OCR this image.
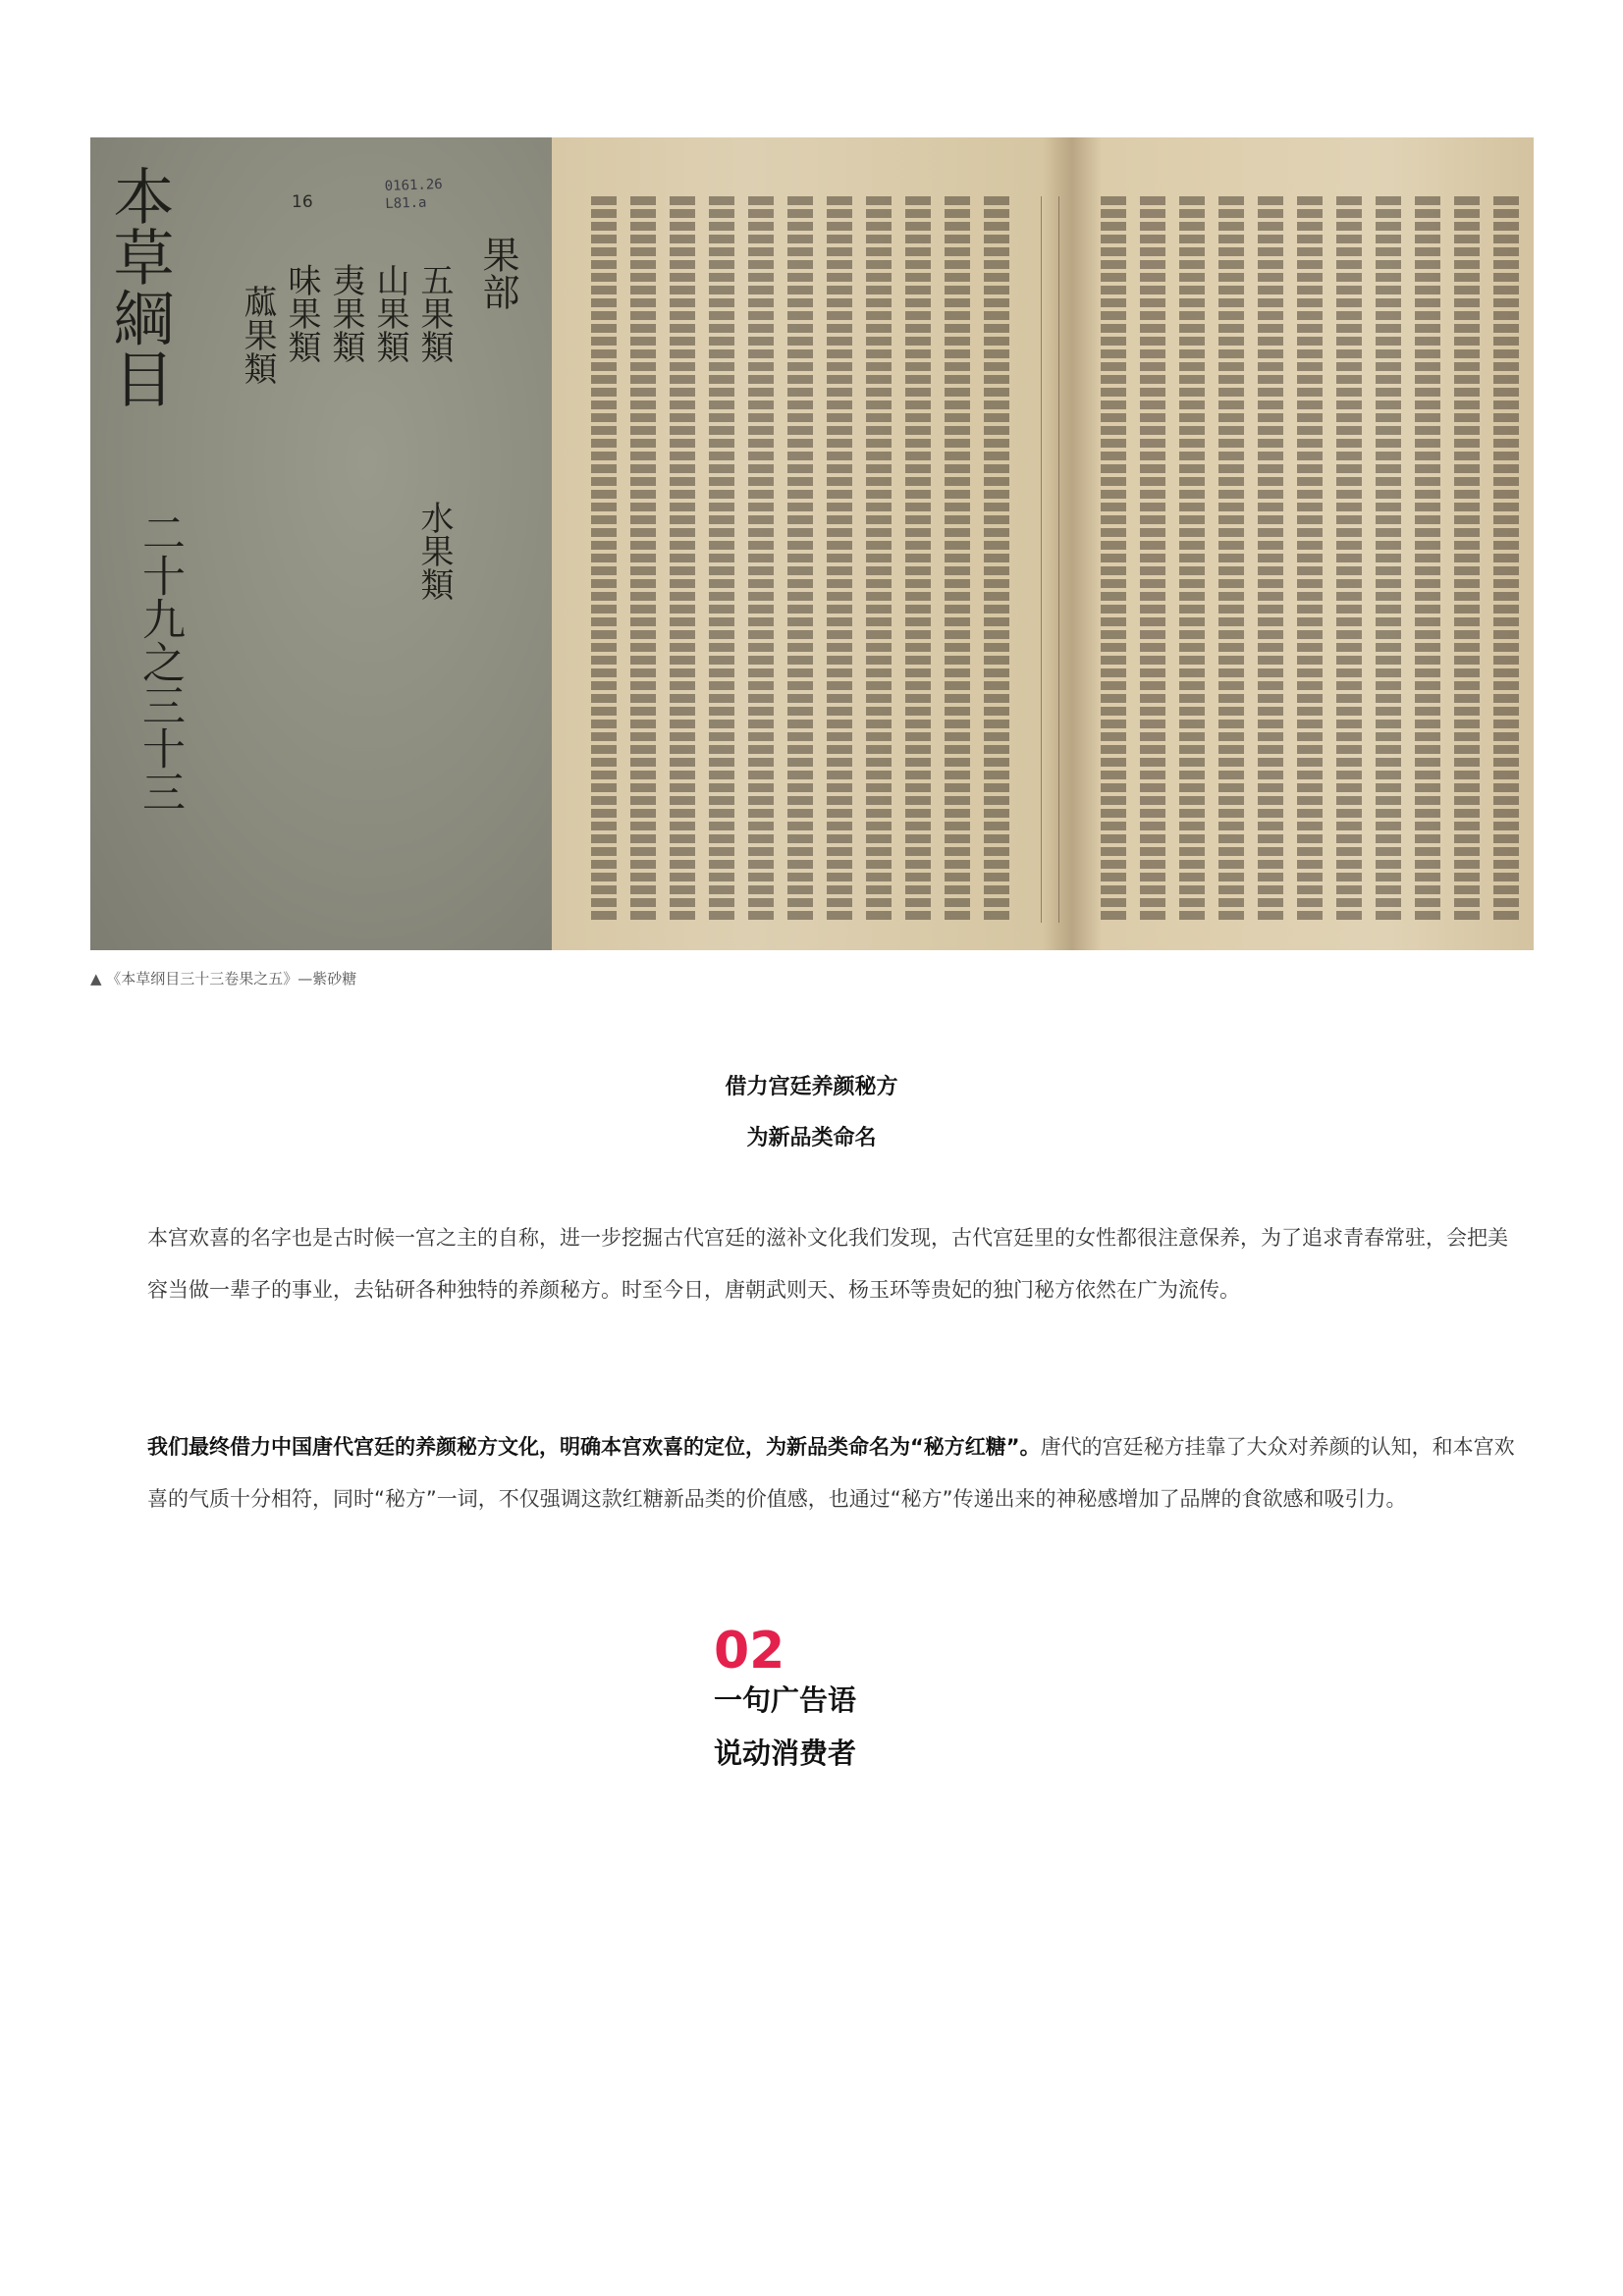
本草綱目
二十九之三十三
16
0161.26
L81.a
果部
五果類
山果類
夷果類
味果類
蓏果類
水果類
▲ 《本草纲目三十三卷果之五》—紫砂糖
借力宫廷养颜秘方
为新品类命名

本宫欢喜的名字也是古时候一宫之主的自称，进一步挖掘古代宫廷的滋补文化我们发现，古代宫廷里的女性都很注意保养，为了追求青春常驻，会把美容当做一辈子的事业，去钻研各种独特的养颜秘方。时至今日，唐朝武则天、杨玉环等贵妃的独门秘方依然在广为流传。

我们最终借力中国唐代宫廷的养颜秘方文化，明确本宫欢喜的定位，为新品类命名为“秘方红糖”。唐代的宫廷秘方挂靠了大众对养颜的认知，和本宫欢喜的气质十分相符，同时“秘方”一词，不仅强调这款红糖新品类的价值感，也通过“秘方”传递出来的神秘感增加了品牌的食欲感和吸引力。

02
一句广告语
说动消费者
